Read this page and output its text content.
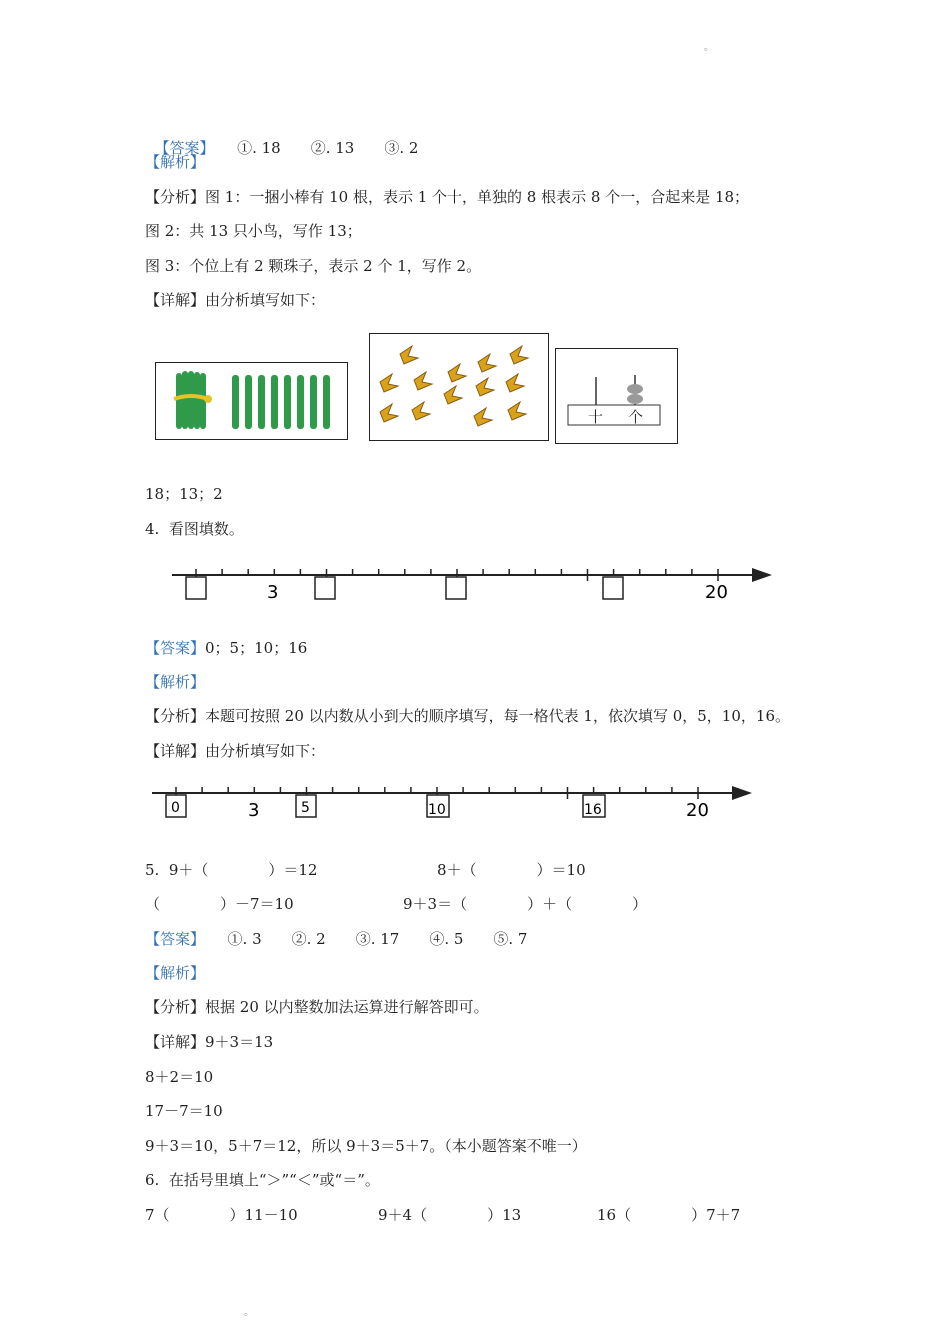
。

【答案】　　 ①. 18　　②. 13　　③. 2

【解析】
【分析】图 1：一捆小棒有 10 根，表示 1 个十，单独的 8 根表示 8 个一，合起来是 18；
图 2：共 13 只小鸟，写作 13；
图 3：个位上有 2 颗珠子，表示 2 个 1，写作 2。
【详解】由分析填写如下：
十 个
18；13；2
4.  看图填数。
3	20
【答案】0；5；10；16
【解析】
【分析】本题可按照 20 以内数从小到大的顺序填写，每一格代表 1，依次填写 0，5，10，16。
【详解】由分析填写如下：
0	5	10	16
3	20
5.  9＋（　　　　）＝12	8＋（　　　　）＝10
（　　　　）－7＝10	9＋3＝（　　　　）＋（　　　　）
【答案】　　 ①. 3　　②. 2　　③. 17　　④. 5　　⑤. 7
【解析】
【分析】根据 20 以内整数加法运算进行解答即可。
【详解】9＋3＝13
8＋2＝10
17－7＝10
9＋3＝10，5＋7＝12，所以 9＋3＝5＋7。（本小题答案不唯一）
6.  在括号里填上“＞”“＜”或“＝”。
7（　　　　）11－10	9＋4（　　　　）13	16（　　　　）7＋7
。
